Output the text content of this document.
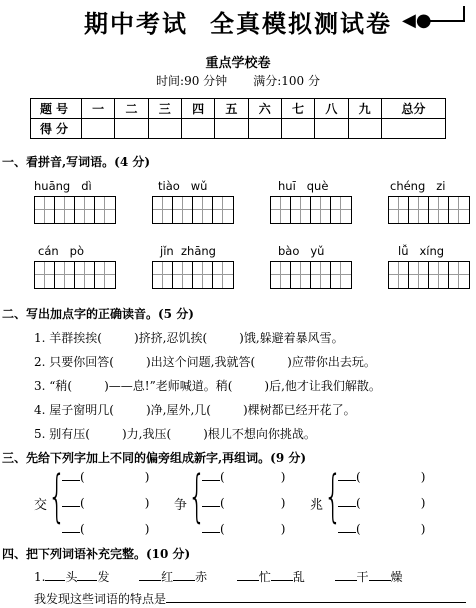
期中考试 全真模拟测试卷 ◀●
重点学校卷
时间:90 分钟 满分:100 分
题号	一	二	三	四	五	六	七	八	九	总分
得分										
一、看拼音,写词语。(4 分)
huāng dì	tiào wǔ	huī què	chéng zi
cán pò	jǐn zhāng	bào yǔ	lǚ xíng
二、写出加点字的正确读音。(5 分)
1. 羊群挨挨(	)挤挤,忍饥挨(	)饿,躲避着暴风雪。
2. 只要你回答(	)出这个问题,我就答(	)应带你出去玩。
3. “稍(	)——息!”老师喊道。稍(	)后,他才让我们解散。
4. 屋子窗明几(	)净,屋外,几(	)棵树都已经开花了。
5. 别有压(	)力,我压(	)根儿不想向你挑战。
三、先给下列字加上不同的偏旁组成新字,再组词。(9 分)
交 {	(	)
(	)
(	)
争 {	(	)
(	)
(	)
兆 {	(	)
(	)
(	)
四、把下列词语补充完整。(10 分)
1. 头 发	红 赤	忙 乱	干 燥
我发现这些词语的特点是
